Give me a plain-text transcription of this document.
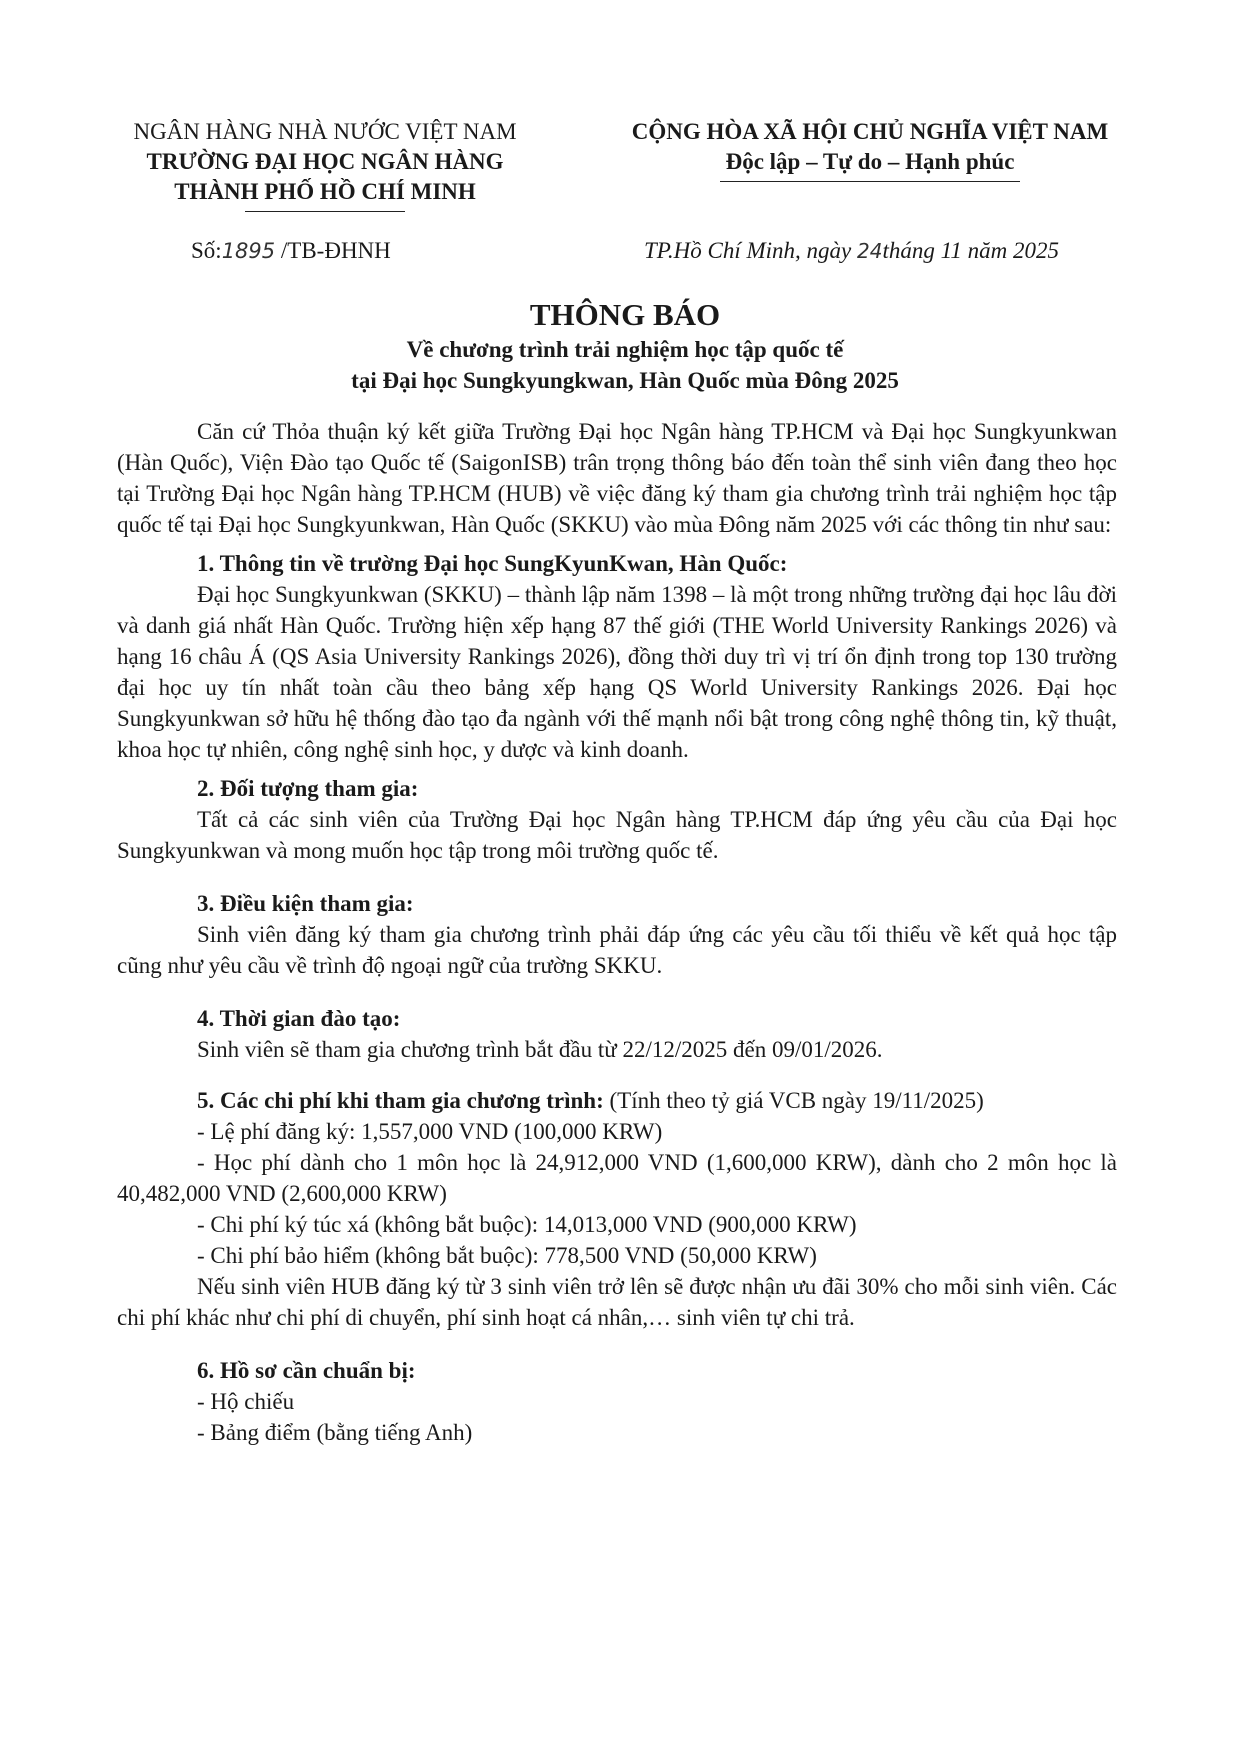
NGÂN HÀNG NHÀ NƯỚC VIỆT NAM
TRƯỜNG ĐẠI HỌC NGÂN HÀNG
THÀNH PHỐ HỒ CHÍ MINH
CỘNG HÒA XÃ HỘI CHỦ NGHĨA VIỆT NAM
Độc lập – Tự do – Hạnh phúc
Số:1895 /TB-ĐHNH	TP.Hồ Chí Minh, ngày 24tháng 11 năm 2025
THÔNG BÁO
Về chương trình trải nghiệm học tập quốc tế
tại Đại học Sungkyungkwan, Hàn Quốc mùa Đông 2025

Căn cứ Thỏa thuận ký kết giữa Trường Đại học Ngân hàng TP.HCM và Đại học Sungkyunkwan (Hàn Quốc), Viện Đào tạo Quốc tế (SaigonISB) trân trọng thông báo đến toàn thể sinh viên đang theo học tại Trường Đại học Ngân hàng TP.HCM (HUB) về việc đăng ký tham gia chương trình trải nghiệm học tập quốc tế tại Đại học Sungkyunkwan, Hàn Quốc (SKKU) vào mùa Đông năm 2025 với các thông tin như sau:

1. Thông tin về trường Đại học SungKyunKwan, Hàn Quốc:

Đại học Sungkyunkwan (SKKU) – thành lập năm 1398 – là một trong những trường đại học lâu đời và danh giá nhất Hàn Quốc. Trường hiện xếp hạng 87 thế giới (THE World University Rankings 2026) và hạng 16 châu Á (QS Asia University Rankings 2026), đồng thời duy trì vị trí ổn định trong top 130 trường đại học uy tín nhất toàn cầu theo bảng xếp hạng QS World University Rankings 2026. Đại học Sungkyunkwan sở hữu hệ thống đào tạo đa ngành với thế mạnh nổi bật trong công nghệ thông tin, kỹ thuật, khoa học tự nhiên, công nghệ sinh học, y dược và kinh doanh.

2. Đối tượng tham gia:

Tất cả các sinh viên của Trường Đại học Ngân hàng TP.HCM đáp ứng yêu cầu của Đại học Sungkyunkwan và mong muốn học tập trong môi trường quốc tế.

3. Điều kiện tham gia:

Sinh viên đăng ký tham gia chương trình phải đáp ứng các yêu cầu tối thiểu về kết quả học tập cũng như yêu cầu về trình độ ngoại ngữ của trường SKKU.

4. Thời gian đào tạo:

Sinh viên sẽ tham gia chương trình bắt đầu từ 22/12/2025 đến 09/01/2026.

5. Các chi phí khi tham gia chương trình: (Tính theo tỷ giá VCB ngày 19/11/2025)

- Lệ phí đăng ký: 1,557,000 VND (100,000 KRW)

- Học phí dành cho 1 môn học là 24,912,000 VND (1,600,000 KRW), dành cho 2 môn học là 40,482,000 VND (2,600,000 KRW)

- Chi phí ký túc xá (không bắt buộc): 14,013,000 VND (900,000 KRW)

- Chi phí bảo hiểm (không bắt buộc): 778,500 VND (50,000 KRW)

Nếu sinh viên HUB đăng ký từ 3 sinh viên trở lên sẽ được nhận ưu đãi 30% cho mỗi sinh viên. Các chi phí khác như chi phí di chuyển, phí sinh hoạt cá nhân,… sinh viên tự chi trả.

6. Hồ sơ cần chuẩn bị:

- Hộ chiếu

- Bảng điểm (bằng tiếng Anh)
